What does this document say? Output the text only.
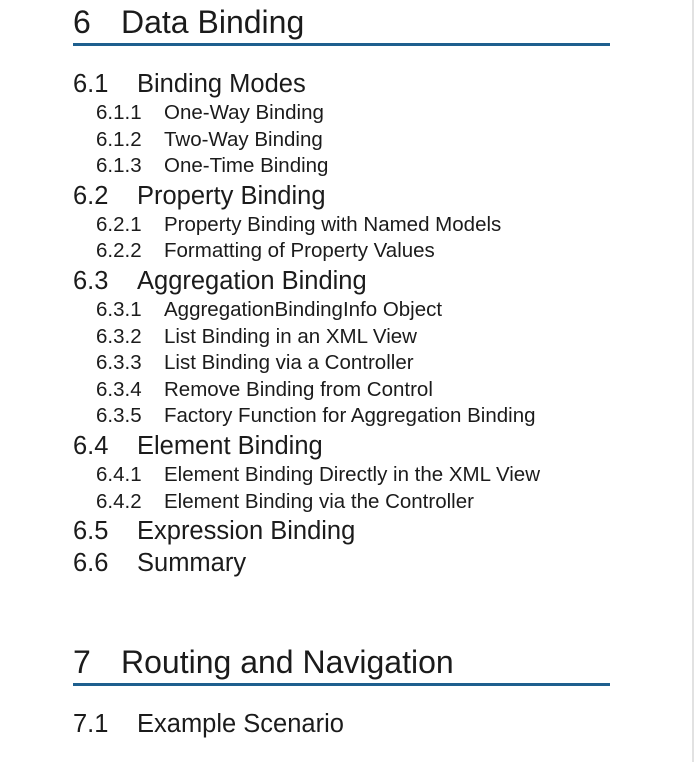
6 Data Binding
6.1 Binding Modes
6.1.1 One-Way Binding
6.1.2 Two-Way Binding
6.1.3 One-Time Binding
6.2 Property Binding
6.2.1 Property Binding with Named Models
6.2.2 Formatting of Property Values
6.3 Aggregation Binding
6.3.1 AggregationBindingInfo Object
6.3.2 List Binding in an XML View
6.3.3 List Binding via a Controller
6.3.4 Remove Binding from Control
6.3.5 Factory Function for Aggregation Binding
6.4 Element Binding
6.4.1 Element Binding Directly in the XML View
6.4.2 Element Binding via the Controller
6.5 Expression Binding
6.6 Summary
7 Routing and Navigation
7.1 Example Scenario
